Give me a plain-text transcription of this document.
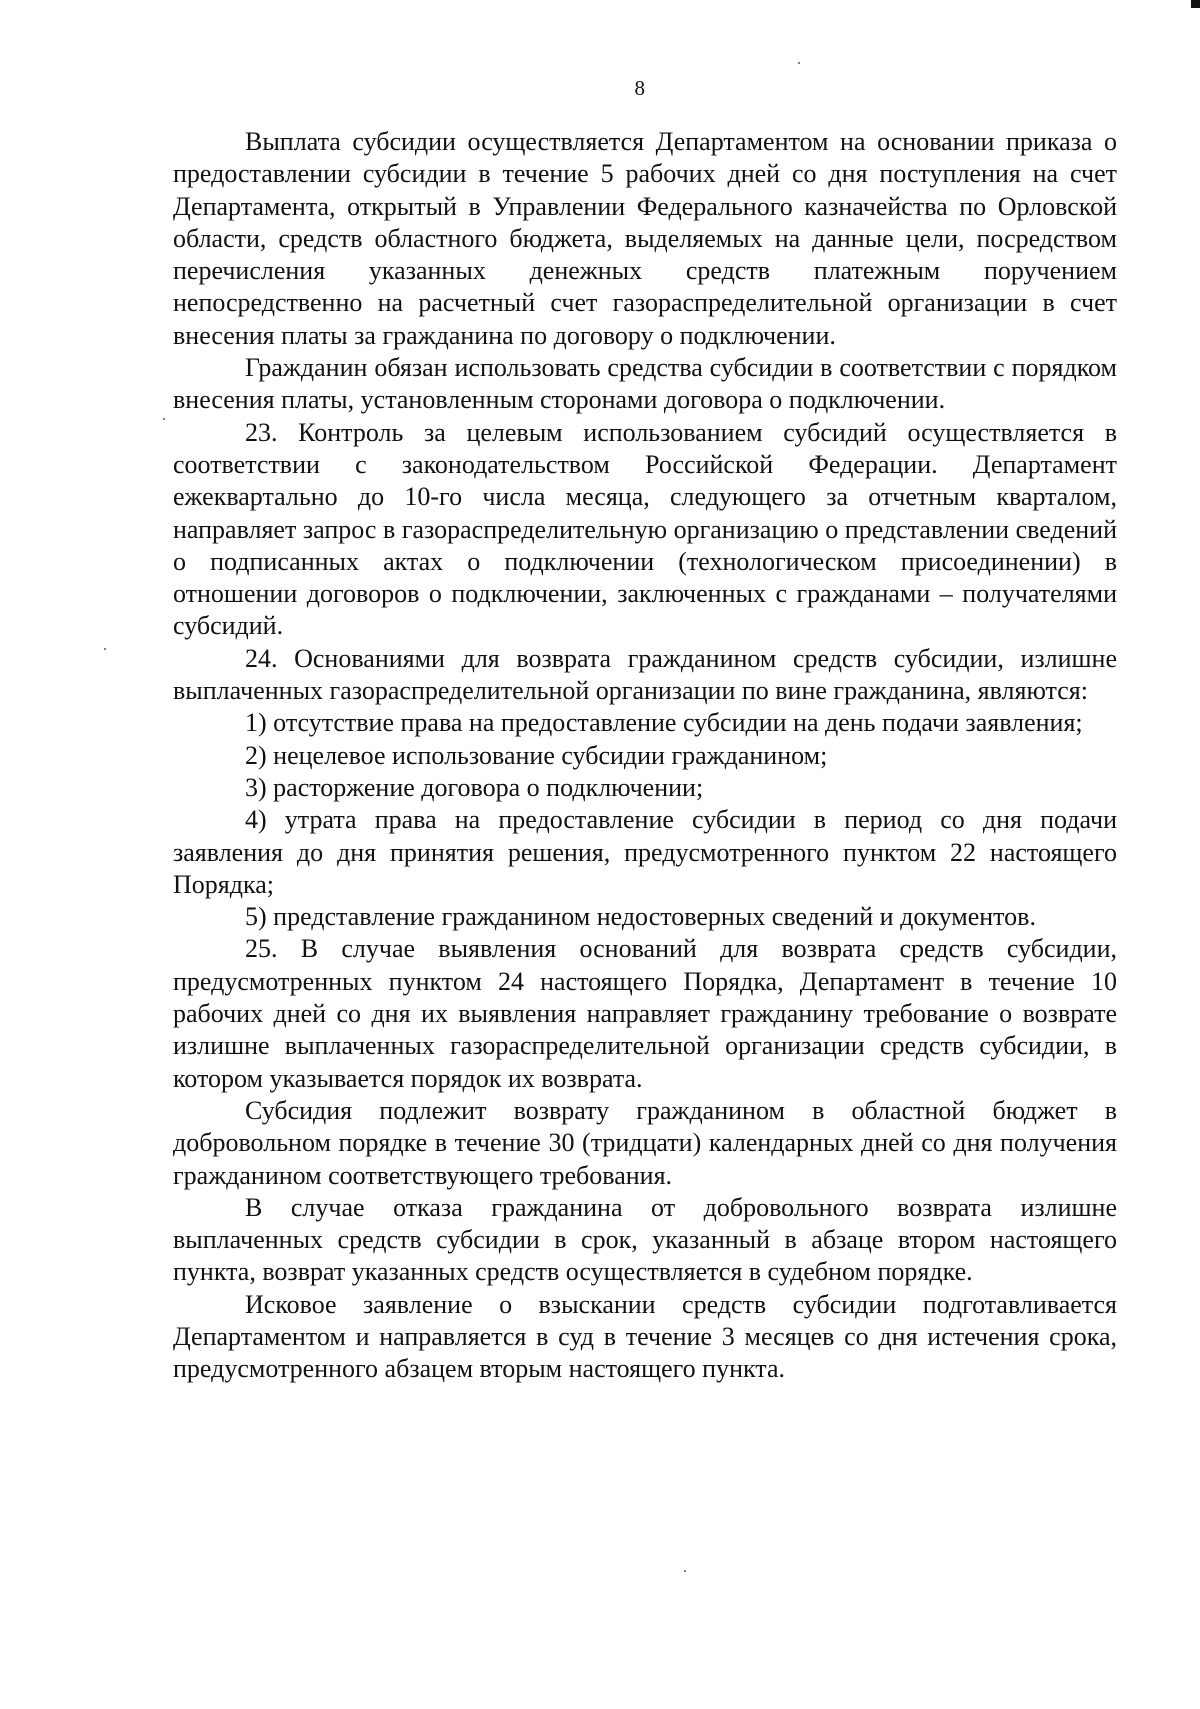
8

Выплата субсидии осуществляется Департаментом на основании приказа о предоставлении субсидии в течение 5 рабочих дней со дня поступления на счет Департамента, открытый в Управлении Федерального казначейства по Орловской области, средств областного бюджета, выделяемых на данные цели, посредством перечисления указанных денежных средств платежным поручением непосредственно на расчетный счет газораспределительной организации в счет внесения платы за гражданина по договору о подключении.

Гражданин обязан использовать средства субсидии в соответствии с порядком внесения платы, установленным сторонами договора о подключении.

23. Контроль за целевым использованием субсидий осуществляется в соответствии с законодательством Российской Федерации. Департамент ежеквартально до 10-го числа месяца, следующего за отчетным кварталом, направляет запрос в газораспределительную организацию о представлении сведений о подписанных актах о подключении (технологическом присоединении) в отношении договоров о подключении, заключенных с гражданами – получателями субсидий.

24. Основаниями для возврата гражданином средств субсидии, излишне выплаченных газораспределительной организации по вине гражданина, являются:

1) отсутствие права на предоставление субсидии на день подачи заявления;

2) нецелевое использование субсидии гражданином;

3) расторжение договора о подключении;

4) утрата права на предоставление субсидии в период со дня подачи заявления до дня принятия решения, предусмотренного пунктом 22 настоящего Порядка;

5) представление гражданином недостоверных сведений и документов.

25. В случае выявления оснований для возврата средств субсидии, предусмотренных пунктом 24 настоящего Порядка, Департамент в течение 10 рабочих дней со дня их выявления направляет гражданину требование о возврате излишне выплаченных газораспределительной организации средств субсидии, в котором указывается порядок их возврата.

Субсидия подлежит возврату гражданином в областной бюджет в добровольном порядке в течение 30 (тридцати) календарных дней со дня получения гражданином соответствующего требования.

В случае отказа гражданина от добровольного возврата излишне выплаченных средств субсидии в срок, указанный в абзаце втором настоящего пункта, возврат указанных средств осуществляется в судебном порядке.

Исковое заявление о взыскании средств субсидии подготавливается Департаментом и направляется в суд в течение 3 месяцев со дня истечения срока, предусмотренного абзацем вторым настоящего пункта.
